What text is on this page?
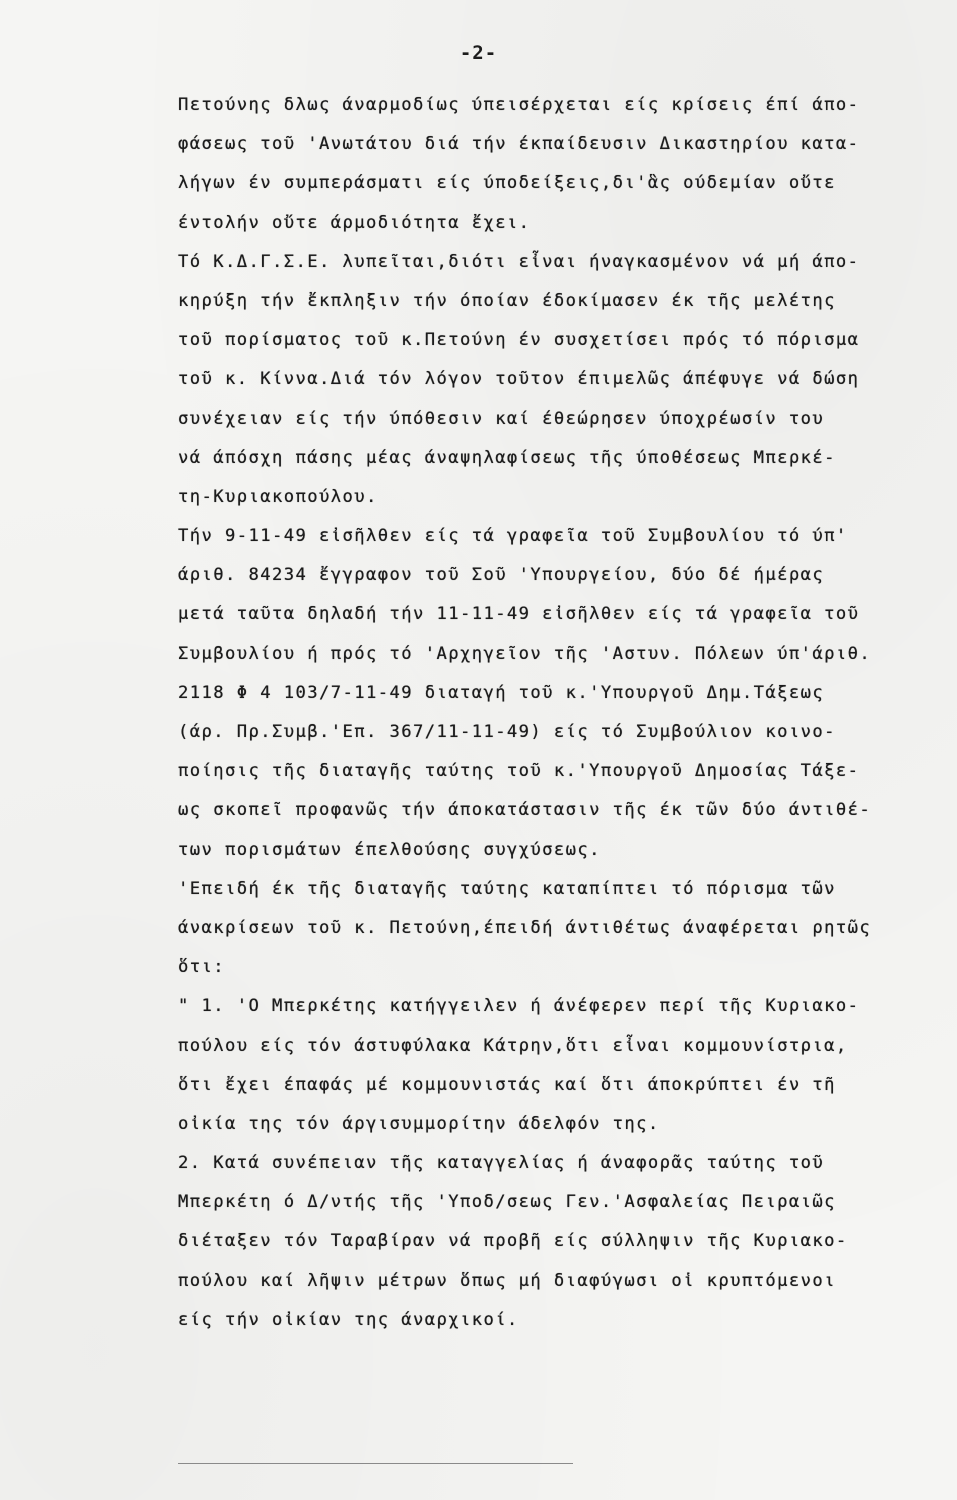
-2-
Πετούνης δλως άναρμοδίως ύπεισέρχεται είς κρίσεις έπί άπο-
φάσεως τοῦ 'Ανωτάτου διά τήν έκπαίδευσιν Δικαστηρίου κατα-
λήγων έν συμπεράσματι είς ύποδείξεις,δι'ἃς ούδεμίαν οὔτε
έντολήν οὔτε άρμοδιότητα ἔχει.
Τό Κ.Δ.Γ.Σ.Ε. λυπεῖται,διότι εἶναι ήναγκασμένον νά μή άπο-
κηρύξη τήν ἔκπληξιν τήν όποίαν έδοκίμασεν έκ τῆς μελέτης
τοῦ πορίσματος τοῦ κ.Πετούνη έν συσχετίσει πρός τό πόρισμα
τοῦ κ. Κίννα.Διά τόν λόγον τοῦτον έπιμελῶς άπέφυγε νά δώση
συνέχειαν είς τήν ύπόθεσιν καί έθεώρησεν ύποχρέωσίν του
νά άπόσχη πάσης μέας άναψηλαφίσεως τῆς ύποθέσεως Μπερκέ-
τη-Κυριακοπούλου.
Τήν 9-11-49 εἰσῆλθεν είς τά γραφεῖα τοῦ Συμβουλίου τό ύπ'
άριθ. 84234 ἔγγραφον τοῦ Σοῦ 'Υπουργείου, δύο δέ ήμέρας
μετά ταῦτα δηλαδή τήν 11-11-49 εἰσῆλθεν είς τά γραφεῖα τοῦ
Συμβουλίου ή πρός τό 'Αρχηγεῖον τῆς 'Αστυν. Πόλεων ύπ'άριθ.
2118 Φ 4 103/7-11-49 διαταγή τοῦ κ.'Υπουργοῦ Δημ.Τάξεως
(άρ. Πρ.Συμβ.'Επ. 367/11-11-49) είς τό Συμβούλιον κοινο-
ποίησις τῆς διαταγῆς ταύτης τοῦ κ.'Υπουργοῦ Δημοσίας Τάξε-
ως σκοπεῖ προφανῶς τήν άποκατάστασιν τῆς έκ τῶν δύο άντιθέ-
των πορισμάτων έπελθούσης συγχύσεως.
'Επειδή έκ τῆς διαταγῆς ταύτης καταπίπτει τό πόρισμα τῶν
άνακρίσεων τοῦ κ. Πετούνη,έπειδή άντιθέτως άναφέρεται ρητῶς
ὅτι:
" 1. 'Ο Μπερκέτης κατήγγειλεν ή άνέφερεν περί τῆς Κυριακο-
πούλου είς τόν άστυφύλακα Κάτρην,ὅτι εἶναι κομμουνίστρια,
ὅτι ἔχει έπαφάς μέ κομμουνιστάς καί ὅτι άποκρύπτει έν τῆ
οἰκία της τόν άργισυμμορίτην άδελφόν της.
2. Κατά συνέπειαν τῆς καταγγελίας ή άναφορᾶς ταύτης τοῦ
Μπερκέτη ό Δ/ντής τῆς 'Υποδ/σεως Γεν.'Ασφαλείας Πειραιῶς
διέταξεν τόν Ταραβίραν νά προβῆ είς σύλληψιν τῆς Κυριακο-
πούλου καί λῆψιν μέτρων ὅπως μή διαφύγωσι οἱ κρυπτόμενοι
είς τήν οἰκίαν της άναρχικοί.
